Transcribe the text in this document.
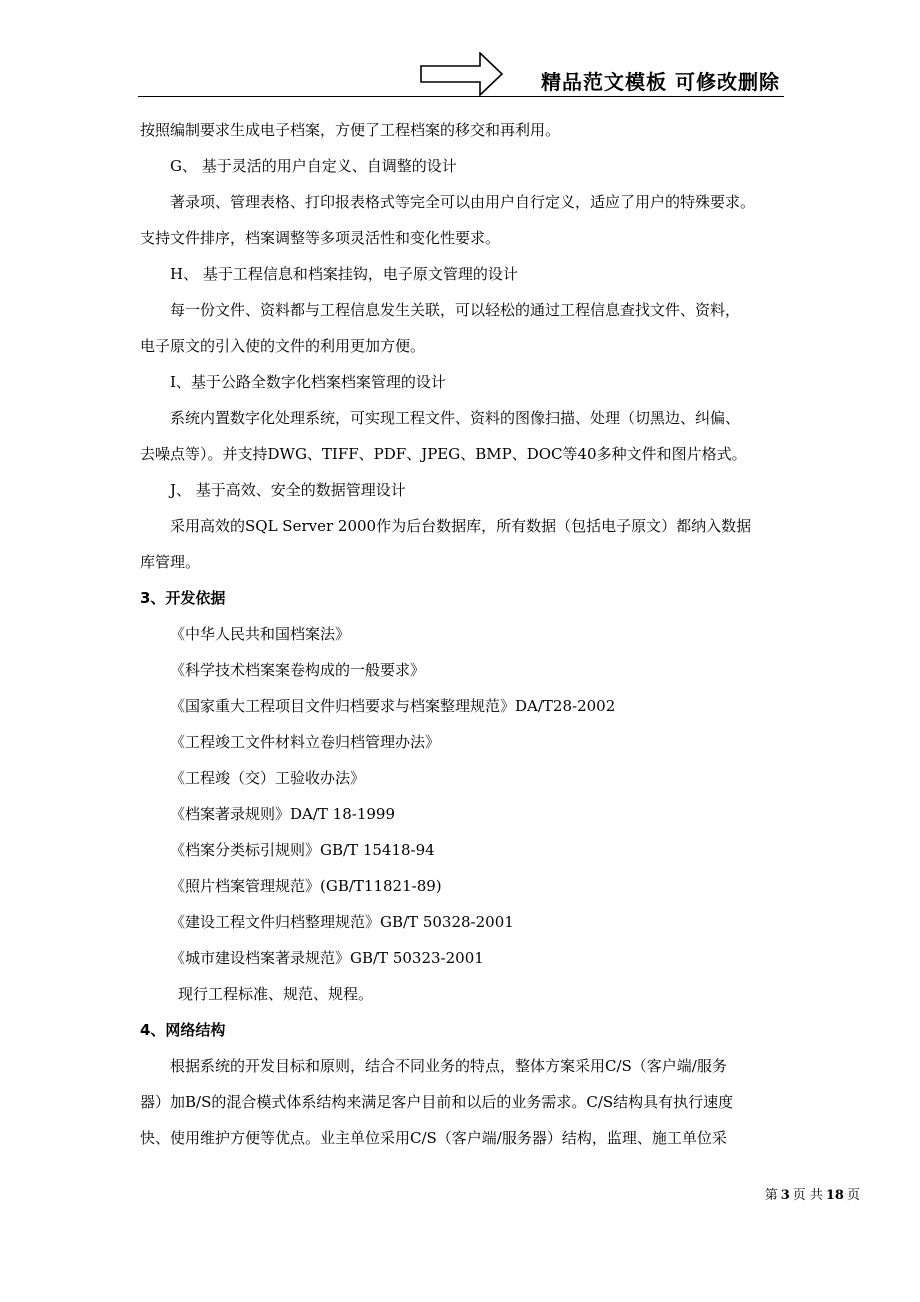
精品范文模板 可修改删除

按照编制要求生成电子档案，方便了工程档案的移交和再利用。

G、 基于灵活的用户自定义、自调整的设计

著录项、管理表格、打印报表格式等完全可以由用户自行定义，适应了用户的特殊要求。

支持文件排序，档案调整等多项灵活性和变化性要求。

H、 基于工程信息和档案挂钩，电子原文管理的设计

每一份文件、资料都与工程信息发生关联，可以轻松的通过工程信息查找文件、资料，

电子原文的引入使的文件的利用更加方便。

I、基于公路全数字化档案档案管理的设计

系统内置数字化处理系统，可实现工程文件、资料的图像扫描、处理（切黑边、纠偏、

去噪点等）。并支持DWG、TIFF、PDF、JPEG、BMP、DOC等40多种文件和图片格式。

J、 基于高效、安全的数据管理设计

采用高效的SQL Server 2000作为后台数据库，所有数据（包括电子原文）都纳入数据

库管理。

3、开发依据

《中华人民共和国档案法》

《科学技术档案案卷构成的一般要求》

《国家重大工程项目文件归档要求与档案整理规范》DA/T28-2002

《工程竣工文件材料立卷归档管理办法》

《工程竣（交）工验收办法》

《档案著录规则》DA/T 18-1999

《档案分类标引规则》GB/T 15418-94

《照片档案管理规范》(GB/T11821-89)

《建设工程文件归档整理规范》GB/T 50328-2001

《城市建设档案著录规范》GB/T 50323-2001

现行工程标准、规范、规程。

4、网络结构

根据系统的开发目标和原则，结合不同业务的特点，整体方案采用C/S（客户端/服务

器）加B/S的混合模式体系结构来满足客户目前和以后的业务需求。C/S结构具有执行速度

快、使用维护方便等优点。业主单位采用C/S（客户端/服务器）结构，监理、施工单位采

第 3 页 共 18 页
